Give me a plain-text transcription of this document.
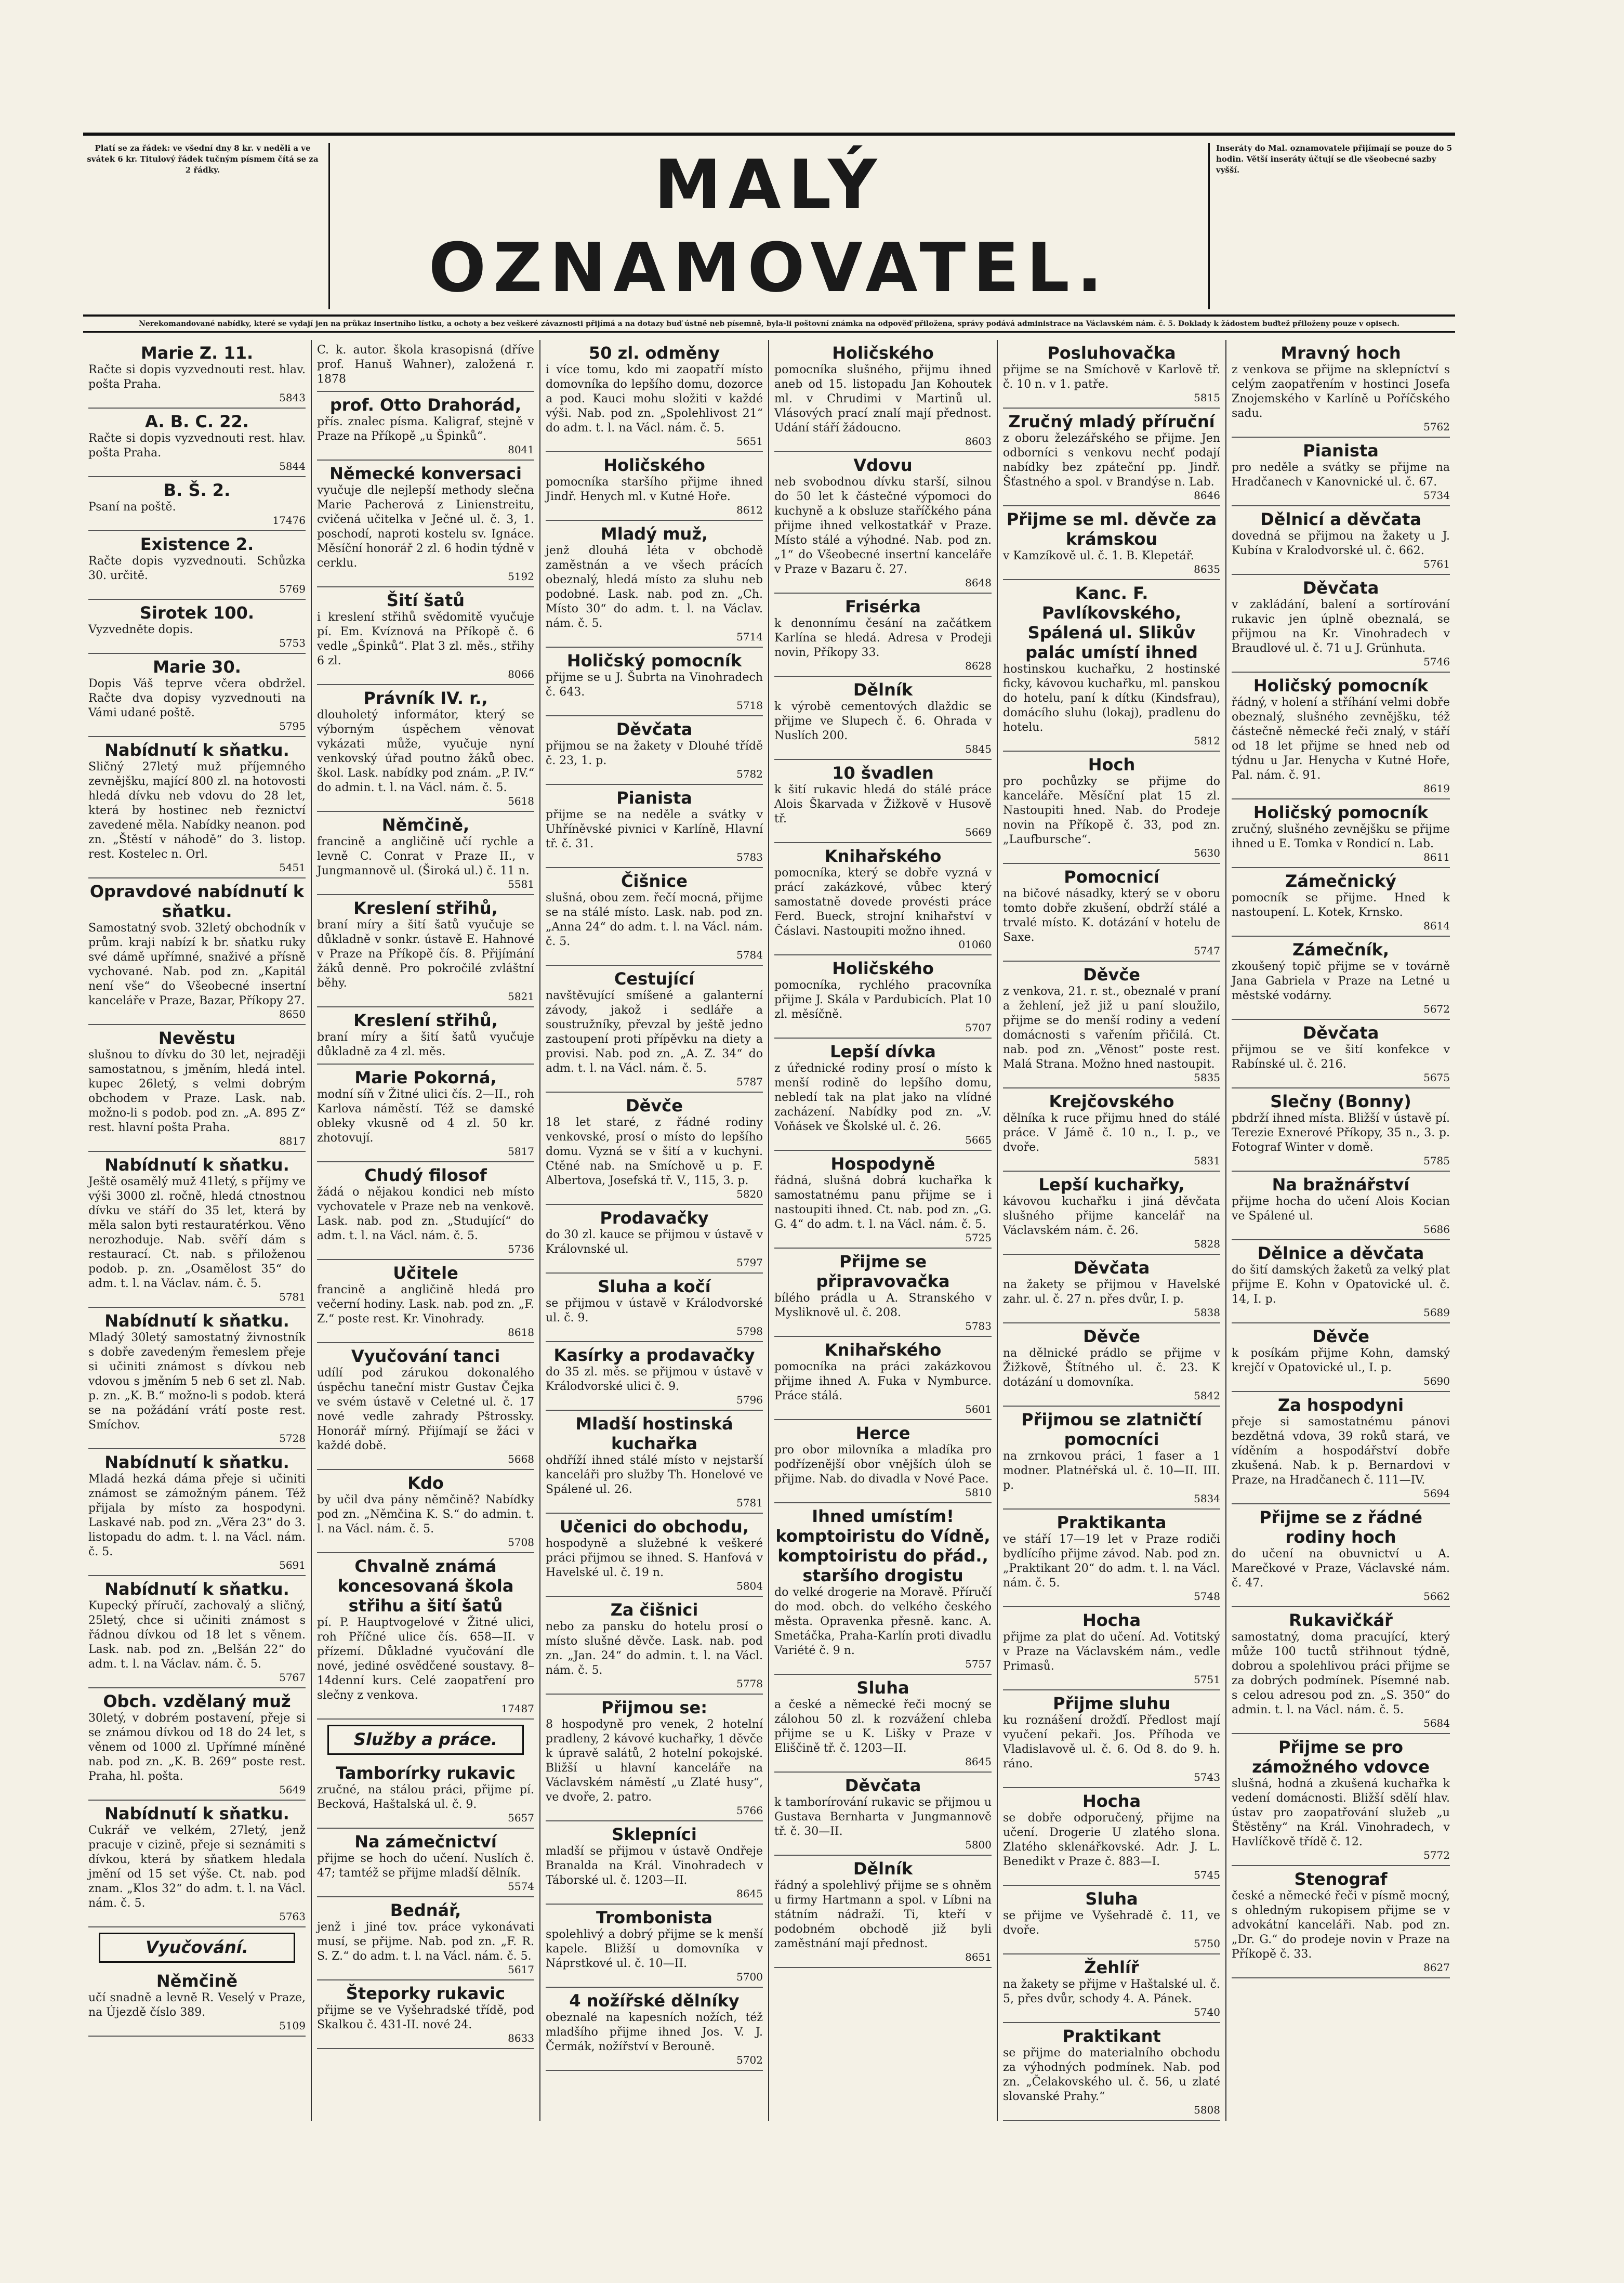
Platí se za řádek: ve všední dny 8 kr. v neděli a ve svátek 6 kr. Titulový řádek tučným písmem čítá se za 2 řádky.	MALÝ OZNAMOVATEL.
Inseráty do Mal. oznamovatele přijímají se pouze do 5 hodin. Větší inseráty účtují se dle všeobecné sazby vyšší.
Nerekomandované nabídky, které se vydají jen na průkaz insertního lístku, a ochoty a bez veškeré závaznosti přijímá a na dotazy buď ústně neb písemně, byla-li poštovní známka na odpověď přiložena, správy podává administrace na Václavském nám. č. 5. Doklady k žádostem buďtež přiloženy pouze v opisech.
Marie Z. 11.
Račte si dopis vyzvednouti rest. hlav. pošta Praha.
5843
A. B. C. 22.
Račte si dopis vyzvednouti rest. hlav. pošta Praha.
5844
B. Š. 2.
Psaní na poště.
17476
Existence 2.
Račte dopis vyzvednouti. Schůzka 30. určitě.
5769
Sirotek 100.
Vyzvedněte dopis.
5753
Marie 30.
Dopis Váš teprve včera obdržel. Račte dva dopisy vyzvednouti na Vámi udané poště.
5795
Nabídnutí k sňatku.
Sličný 27letý muž příjemného zevnějšku, mající 800 zl. na hotovosti hledá dívku neb vdovu do 28 let, která by hostinec neb řeznictví zavedené měla. Nabídky neanon. pod zn. „Štěstí v náhodě“ do 3. listop. rest. Kostelec n. Orl.
5451
Opravdové nabídnutí k sňatku.
Samostatný svob. 32letý obchodník v prům. kraji nabízí k br. sňatku ruky své dámě upřímné, snaživé a přísně vychované. Nab. pod zn. „Kapitál není vše“ do Všeobecné insertní kanceláře v Praze, Bazar, Příkopy 27.
8650
Nevěstu
slušnou to dívku do 30 let, nejraději samostatnou, s jměním, hledá intel. kupec 26letý, s velmi dobrým obchodem v Praze. Lask. nab. možno-li s podob. pod zn. „A. 895 Z“ rest. hlavní pošta Praha.
8817
Nabídnutí k sňatku.
Ještě osamělý muž 41letý, s příjmy ve výši 3000 zl. ročně, hledá ctnostnou dívku ve stáří do 35 let, která by měla salon byti restauratérkou. Věno nerozhoduje. Nab. svěří dám s restaurací. Ct. nab. s přiloženou podob. p. zn. „Osamělost 35“ do adm. t. l. na Václav. nám. č. 5.
5781
Nabídnutí k sňatku.
Mladý 30letý samostatný živnostník s dobře zavedeným řemeslem přeje si učiniti známost s dívkou neb vdovou s jměním 5 neb 6 set zl. Nab. p. zn. „K. B.“ možno-li s podob. která se na požádání vrátí poste rest. Smíchov.
5728
Nabídnutí k sňatku.
Mladá hezká dáma přeje si učiniti známost se zámožným pánem. Též přijala by místo za hospodyni. Laskavé nab. pod zn. „Věra 23“ do 3. listopadu do adm. t. l. na Václ. nám. č. 5.
5691
Nabídnutí k sňatku.
Kupecký příručí, zachovalý a sličný, 25letý, chce si učiniti známost s řádnou dívkou od 18 let s věnem. Lask. nab. pod zn. „Belšán 22“ do adm. t. l. na Václav. nám. č. 5.
5767
Obch. vzdělaný muž
30letý, v dobrém postavení, přeje si se známou dívkou od 18 do 24 let, s věnem od 1000 zl. Upřímné míněné nab. pod zn. „K. B. 269“ poste rest. Praha, hl. pošta.
5649
Nabídnutí k sňatku.
Cukrář ve velkém, 27letý, jenž pracuje v cizině, přeje si seznámiti s dívkou, která by sňatkem hledala jmění od 15 set výše. Ct. nab. pod znam. „Klos 32“ do adm. t. l. na Václ. nám. č. 5.
5763
Vyučování.
Němčině
učí snadně a levně R. Veselý v Praze, na Újezdě číslo 389.
5109
C. k. autor. škola krasopisná (dříve prof. Hanuš Wahner), založená r. 1878
prof. Otto Drahorád,
přís. znalec písma. Kaligraf, stejně v Praze na Příkopě „u Špinků“.
8041
Německé konversaci
vyučuje dle nejlepší methody slečna Marie Pacherová z Linienstreitu, cvičená učitelka v Ječné ul. č. 3, 1. poschodí, naproti kostelu sv. Ignáce. Měsíční honorář 2 zl. 6 hodin týdně v cerklu.
5192
Šití šatů
i kreslení střihů svědomitě vyučuje pí. Em. Kvíznová na Příkopě č. 6 vedle „Špinků“. Plat 3 zl. měs., střihy 6 zl.
8066
Právník IV. r.,
dlouholetý informátor, který se výborným úspěchem věnovat vykázati může, vyučuje nyní venkovský úřad poutno žáků obec. škol. Lask. nabídky pod znám. „P. IV.“ do admin. t. l. na Václ. nám. č. 5.
5618
Němčině,
francině a angličině učí rychle a levně C. Conrat v Praze II., v Jungmannově ul. (Široká ul.) č. 11 n.
5581
Kreslení střihů,
braní míry a šití šatů vyučuje se důkladně v sonkr. ústavě E. Hahnové v Praze na Příkopě čís. 8. Přijímání žáků denně. Pro pokročilé zvláštní běhy.
5821
Kreslení střihů,
braní míry a šití šatů vyučuje důkladně za 4 zl. měs.
Marie Pokorná,
modní síň v Žitné ulici čís. 2—II., roh Karlova náměstí. Též se damské obleky vkusně od 4 zl. 50 kr. zhotovují.
5817
Chudý filosof
žádá o nějakou kondici neb místo vychovatele v Praze neb na venkově. Lask. nab. pod zn. „Studující“ do adm. t. l. na Václ. nám. č. 5.
5736
Učitele
francině a angličině hledá pro večerní hodiny. Lask. nab. pod zn. „F. Z.“ poste rest. Kr. Vinohrady.
8618
Vyučování tanci
udílí pod zárukou dokonalého úspěchu taneční mistr Gustav Čejka ve svém ústavě v Celetné ul. č. 17 nové vedle zahrady Pštrossky. Honorář mírný. Přijímají se žáci v každé době.
5668
Kdo
by učil dva pány němčině? Nabídky pod zn. „Němčina K. S.“ do admin. t. l. na Václ. nám. č. 5.
5708
Chvalně známá koncesovaná škola střihu a šití šatů
pí. P. Hauptvogelové v Žitné ulici, roh Příčné ulice čís. 658—II. v přízemí. Důkladné vyučování dle nové, jediné osvědčené soustavy. 8–14denní kurs. Celé zaopatření pro slečny z venkova.
17487
Služby a práce.
Tamborírky rukavic
zručné, na stálou práci, přijme pí. Becková, Haštalská ul. č. 9.
5657
Na zámečnictví
přijme se hoch do učení. Nuslích č. 47; tamtéž se přijme mladší dělník.
5574
Bednář,
jenž i jiné tov. práce vykonávati musí, se přijme. Nab. pod zn. „F. R. S. Z.“ do adm. t. l. na Václ. nám. č. 5.
5617
Šteporky rukavic
přijme se ve Vyšehradské třídě, pod Skalkou č. 431-II. nové 24.
8633
50 zl. odměny
i více tomu, kdo mi zaopatří místo domovníka do lepšího domu, dozorce a pod. Kauci mohu složiti v každé výši. Nab. pod zn. „Spolehlivost 21“ do adm. t. l. na Václ. nám. č. 5.
5651
Holičského
pomocníka staršího přijme ihned Jindř. Henych ml. v Kutné Hoře.
8612
Mladý muž,
jenž dlouhá léta v obchodě zaměstnán a ve všech prácích obeznalý, hledá místo za sluhu neb podobné. Lask. nab. pod zn. „Ch. Místo 30“ do adm. t. l. na Václav. nám. č. 5.
5714
Holičský pomocník
přijme se u J. Šubrta na Vinohradech č. 643.
5718
Děvčata
přijmou se na žakety v Dlouhé třídě č. 23, 1. p.
5782
Pianista
přijme se na neděle a svátky v Uhříněvské pivnici v Karlíně, Hlavní tř. č. 31.
5783
Čišnice
slušná, obou zem. řečí mocná, přijme se na stálé místo. Lask. nab. pod zn. „Anna 24“ do adm. t. l. na Václ. nám. č. 5.
5784
Cestující
navštěvující smíšené a galanterní závody, jakož i sedláře a soustružníky, převzal by ještě jedno zastoupení proti přípěvku na diety a provisi. Nab. pod zn. „A. Z. 34“ do adm. t. l. na Václ. nám. č. 5.
5787
Děvče
18 let staré, z řádné rodiny venkovské, prosí o místo do lepšího domu. Vyzná se v šití a v kuchyni. Ctěné nab. na Smíchově u p. F. Albertova, Josefská tř. V., 115, 3. p.
5820
Prodavačky
do 30 zl. kauce se přijmou v ústavě v Královnské ul.
5797
Sluha a kočí
se přijmou v ústavě v Králodvorské ul. č. 9.
5798
Kasírky a prodavačky
do 35 zl. měs. se přijmou v ústavě v Králodvorské ulici č. 9.
5796
Mladší hostinská kuchařka
ohdříží ihned stálé místo v nejstarší kanceláři pro služby Th. Honelové ve Spálené ul. 26.
5781
Učenici do obchodu,
hospodyně a služebné k veškeré práci přijmou se ihned. S. Hanfová v Havelské ul. č. 19 n.
5804
Za čišnici
nebo za pansku do hotelu prosí o místo slušné děvče. Lask. nab. pod zn. „Jan. 24“ do admin. t. l. na Václ. nám. č. 5.
5778
Přijmou se:
8 hospodyně pro venek, 2 hotelní pradleny, 2 kávové kuchařky, 1 děvče k úpravě salátů, 2 hotelní pokojské. Bližší u hlavní kanceláře na Václavském náměstí „u Zlaté husy“, ve dvoře, 2. patro.
5766
Sklepníci
mladší se přijmou v ústavě Ondřeje Branalda na Král. Vinohradech v Táborské ul. č. 1203—II.
8645
Trombonista
spolehlivý a dobrý přijme se k menší kapele. Bližší u domovníka v Náprstkové ul. č. 10—II.
5700
4 nožířské dělníky
obeznalé na kapesních nožích, též mladšího přijme ihned Jos. V. J. Čermák, nožířství v Berouně.
5702
Holičského
pomocníka slušného, přijmu ihned aneb od 15. listopadu Jan Kohoutek ml. v Chrudimi v Martinů ul. Vlásových prací znalí mají přednost. Udání stáří žádoucno.
8603
Vdovu
neb svobodnou dívku starší, silnou do 50 let k částečné výpomoci do kuchyně a k obsluze staříčkého pána přijme ihned velkostatkář v Praze. Místo stálé a výhodné. Nab. pod zn. „1“ do Všeobecné insertní kanceláře v Praze v Bazaru č. 27.
8648
Frisérka
k denonnímu česání na začátkem Karlína se hledá. Adresa v Prodeji novin, Příkopy 33.
8628
Dělník
k výrobě cementových dlaždic se přijme ve Slupech č. 6. Ohrada v Nuslích 200.
5845
10 švadlen
k šití rukavic hledá do stálé práce Alois Škarvada v Žižkově v Husově tř.
5669
Knihařského
pomocníka, který se dobře vyzná v prácí zakázkové, vůbec který samostatně dovede provésti práce Ferd. Bueck, strojní knihařství v Čáslavi. Nastoupiti možno ihned.
01060
Holičského
pomocníka, rychlého pracovníka přijme J. Skála v Pardubicích. Plat 10 zl. měsíčně.
5707
Lepší dívka
z úřednické rodiny prosí o místo k menší rodině do lepšího domu, nebledí tak na plat jako na vlídné zacházení. Nabídky pod zn. „V. Voňásek ve Školské ul. č. 26.
5665
Hospodyně
řádná, slušná dobrá kuchařka k samostatnému panu přijme se i nastoupiti ihned. Ct. nab. pod zn. „G. G. 4“ do adm. t. l. na Václ. nám. č. 5.
5725
Přijme se připravovačka
bílého prádla u A. Stranského v Mysliknově ul. č. 208.
5783
Knihařského
pomocníka na práci zakázkovou přijme ihned A. Fuka v Nymburce. Práce stálá.
5601
Herce
pro obor milovníka a mladíka pro podřízenější obor vnějších úloh se přijme. Nab. do divadla v Nové Pace.
5810
Ihned umístím! komptoiristu do Vídně, komptoiristu do přád., staršího drogistu
do velké drogerie na Moravě. Příručí do mod. obch. do velkého českého města. Opravenka přesně. kanc. A. Smetáčka, Praha-Karlín proti divadlu Variété č. 9 n.
5757
Sluha
a české a německé řeči mocný se zálohou 50 zl. k rozvážení chleba přijme se u K. Lišky v Praze v Eliščině tř. č. 1203—II.
8645
Děvčata
k tamborírování rukavic se přijmou u Gustava Bernharta v Jungmannově tř. č. 30—II.
5800
Dělník
řádný a spolehlivý přijme se s ohněm u firmy Hartmann a spol. v Líbni na státním nádraží. Ti, kteří v podobném obchodě již byli zaměstnání mají přednost.
8651
Posluhovačka
přijme se na Smíchově v Karlově tř. č. 10 n. v 1. patře.
5815
Zručný mladý příruční
z oboru železářského se přijme. Jen odborníci s venkovu nechť podají nabídky bez zpáteční pp. Jindř. Šťastného a spol. v Brandýse n. Lab.
8646
Přijme se ml. děvče za krámskou
v Kamzíkově ul. č. 1. B. Klepetář.
8635
Kanc. F. Pavlíkovského, Spálená ul. Slikův palác umístí ihned
hostinskou kuchařku, 2 hostinské ficky, kávovou kuchařku, ml. panskou do hotelu, paní k dítku (Kindsfrau), domácího sluhu (lokaj), pradlenu do hotelu.
5812
Hoch
pro pochůzky se přijme do kanceláře. Měsíční plat 15 zl. Nastoupiti hned. Nab. do Prodeje novin na Příkopě č. 33, pod zn. „Laufbursche“.
5630
Pomocnicí
na bičové násadky, který se v oboru tomto dobře zkušení, obdrží stálé a trvalé místo. K. dotázání v hotelu de Saxe.
5747
Děvče
z venkova, 21. r. st., obeznalé v praní a žehlení, jež již u paní sloužilo, přijme se do menší rodiny a vedení domácnosti s vařením přičilá. Ct. nab. pod zn. „Věnost“ poste rest. Malá Strana. Možno hned nastoupit.
5835
Krejčovského
dělníka k ruce přijmu hned do stálé práce. V Jámě č. 10 n., I. p., ve dvoře.
5831
Lepší kuchařky,
kávovou kuchařku i jiná děvčata slušného přijme kancelář na Václavském nám. č. 26.
5828
Děvčata
na žakety se přijmou v Havelské zahr. ul. č. 27 n. přes dvůr, I. p.
5838
Děvče
na dělnické prádlo se přijme v Žižkově, Štítného ul. č. 23. K dotázání u domovníka.
5842
Přijmou se zlatničtí pomocníci
na zrnkovou práci, 1 faser a 1 modner. Platnéřská ul. č. 10—II. III. p.
5834
Praktikanta
ve stáří 17—19 let v Praze rodiči bydlícího přijme závod. Nab. pod zn. „Praktikant 20“ do adm. t. l. na Václ. nám. č. 5.
5748
Hocha
přijme za plat do učení. Ad. Votitský v Praze na Václavském nám., vedle Primasů.
5751
Přijme sluhu
ku roznášení drožďí. Předlost mají vyučení pekaři. Jos. Příhoda ve Vladislavově ul. č. 6. Od 8. do 9. h. ráno.
5743
Hocha
se dobře odporučený, přijme na učení. Drogerie U zlatého slona. Zlatého sklenářkovské. Adr. J. L. Benedikt v Praze č. 883—I.
5745
Sluha
se přijme ve Vyšehradě č. 11, ve dvoře.
5750
Žehlíř
na žakety se přijme v Haštalské ul. č. 5, přes dvůr, schody 4. A. Pánek.
5740
Praktikant
se přijme do materialního obchodu za výhodných podmínek. Nab. pod zn. „Čelakovského ul. č. 56, u zlaté slovanské Prahy.“
5808
Mravný hoch
z venkova se přijme na sklepníctví s celým zaopatřením v hostinci Josefa Znojemského v Karlíně u Poříčského sadu.
5762
Pianista
pro neděle a svátky se přijme na Hradčanech v Kanovnické ul. č. 67.
5734
Dělnicí a děvčata
dovedná se přijmou na žakety u J. Kubína v Kralodvorské ul. č. 662.
5761
Děvčata
v zakládání, balení a sortírování rukavic jen úplně obeznalá, se přijmou na Kr. Vinohradech v Braudlové ul. č. 71 u J. Grünhuta.
5746
Holičský pomocník
řádný, v holení a stříhání velmi dobře obeznalý, slušného zevnějšku, též částečně německé řeči znalý, v stáří od 18 let přijme se hned neb od týdnu u Jar. Henycha v Kutné Hoře, Pal. nám. č. 91.
8619
Holičský pomocník
zručný, slušného zevnějšku se přijme ihned u E. Tomka v Rondicí n. Lab.
8611
Zámečnický
pomocník se přijme. Hned k nastoupení. L. Kotek, Krnsko.
8614
Zámečník,
zkoušený topič přijme se v továrně Jana Gabriela v Praze na Letné u městské vodárny.
5672
Děvčata
přijmou se ve šití konfekce v Rabínské ul. č. 216.
5675
Slečny (Bonny)
pbdrží ihned místa. Bližší v ústavě pí. Terezie Exnerové Příkopy, 35 n., 3. p. Fotograf Winter v domě.
5785
Na bražnářství
přijme hocha do učení Alois Kocian ve Spálené ul.
5686
Dělnice a děvčata
do šití damských žaketů za velký plat přijme E. Kohn v Opatovické ul. č. 14, I. p.
5689
Děvče
k posíkám přijme Kohn, damský krejčí v Opatovické ul., I. p.
5690
Za hospodyni
přeje si samostatnému pánovi bezdětná vdova, 39 roků stará, ve víděním a hospodářství dobře zkušená. Nab. k p. Bernardovi v Praze, na Hradčanech č. 111—IV.
5694
Přijme se z řádné rodiny hoch
do učení na obuvnictví u A. Marečkové v Praze, Václavské nám. č. 47.
5662
Rukavičkář
samostatný, doma pracující, který může 100 tuctů střihnout týdně, dobrou a spolehlivou práci přijme se za dobrých podmínek. Písemné nab. s celou adresou pod zn. „S. 350“ do admin. t. l. na Václ. nám. č. 5.
5684
Přijme se pro zámožného vdovce
slušná, hodná a zkušená kuchařka k vedení domácnosti. Bližší sdělí hlav. ústav pro zaopatřování služeb „u Štěstěny“ na Král. Vinohradech, v Havlíčkově třídě č. 12.
5772
Stenograf
české a německé řeči v písmě mocný, s ohledným rukopisem přijme se v advokátní kanceláři. Nab. pod zn. „Dr. G.“ do prodeje novin v Praze na Příkopě č. 33.
8627
